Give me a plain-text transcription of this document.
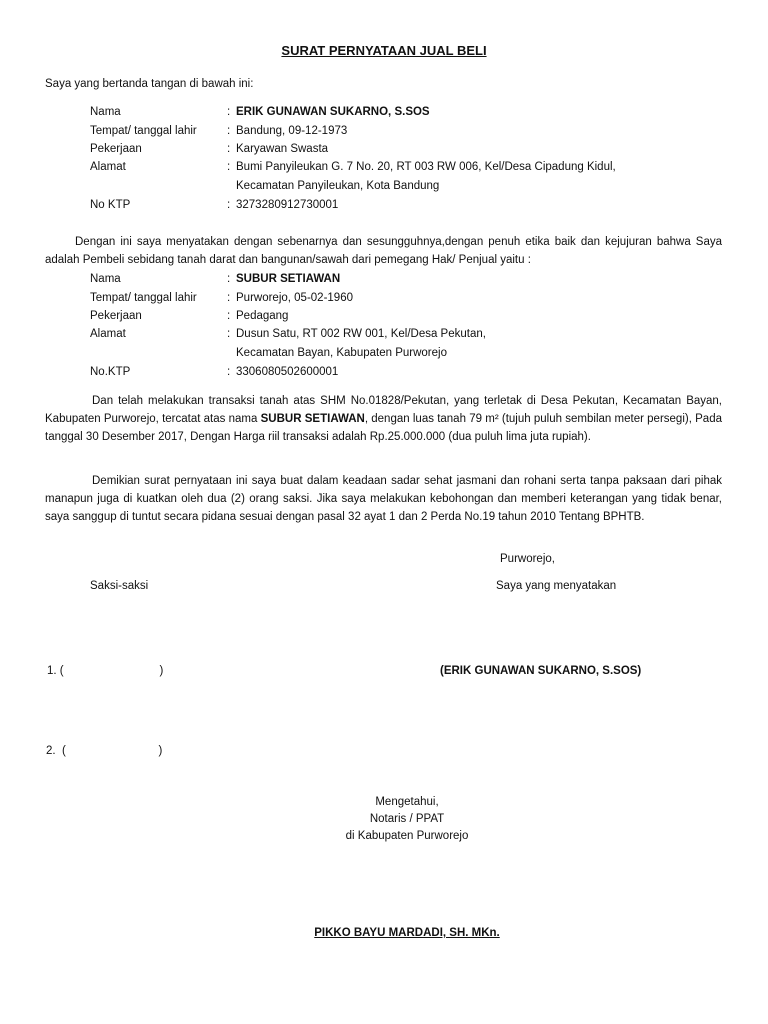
SURAT PERNYATAAN JUAL BELI
Saya yang bertanda tangan di bawah ini:
Nama	: ERIK GUNAWAN SUKARNO, S.SOS
Tempat/ tanggal lahir	: Bandung, 09-12-1973
Pekerjaan	: Karyawan Swasta
Alamat	: Bumi Panyileukan G. 7 No. 20, RT 003 RW 006, Kel/Desa Cipadung Kidul,
Kecamatan Panyileukan, Kota Bandung
No KTP	: 3273280912730001
Dengan ini saya menyatakan dengan sebenarnya dan sesungguhnya,dengan penuh etika baik dan kejujuran bahwa Saya adalah Pembeli sebidang tanah darat dan bangunan/sawah dari pemegang Hak/ Penjual yaitu :
Nama	: SUBUR SETIAWAN
Tempat/ tanggal lahir	: Purworejo, 05-02-1960
Pekerjaan	: Pedagang
Alamat	: Dusun Satu, RT 002 RW 001, Kel/Desa Pekutan,
Kecamatan Bayan, Kabupaten Purworejo
No.KTP	: 3306080502600001
Dan telah melakukan transaksi tanah atas SHM No.01828/Pekutan, yang terletak di Desa Pekutan, Kecamatan Bayan, Kabupaten Purworejo, tercatat atas nama SUBUR SETIAWAN, dengan luas tanah 79 m² (tujuh puluh sembilan meter persegi), Pada tanggal 30 Desember 2017, Dengan Harga riil transaksi adalah Rp.25.000.000 (dua puluh lima juta rupiah).
Demikian surat pernyataan ini saya buat dalam keadaan sadar sehat jasmani dan rohani serta tanpa paksaan dari pihak manapun juga di kuatkan oleh dua (2) orang saksi. Jika saya melakukan kebohongan dan memberi keterangan yang tidak benar, saya sanggup di tuntut secara pidana sesuai dengan pasal 32 ayat 1 dan 2 Perda No.19 tahun 2010 Tentang BPHTB.
Purworejo,
Saksi-saksi	Saya yang menyatakan
1. (                              )	(ERIK GUNAWAN SUKARNO, S.SOS)
2.  (                             )
Mengetahui,
Notaris / PPAT
di Kabupaten Purworejo
PIKKO BAYU MARDADI, SH. MKn.
